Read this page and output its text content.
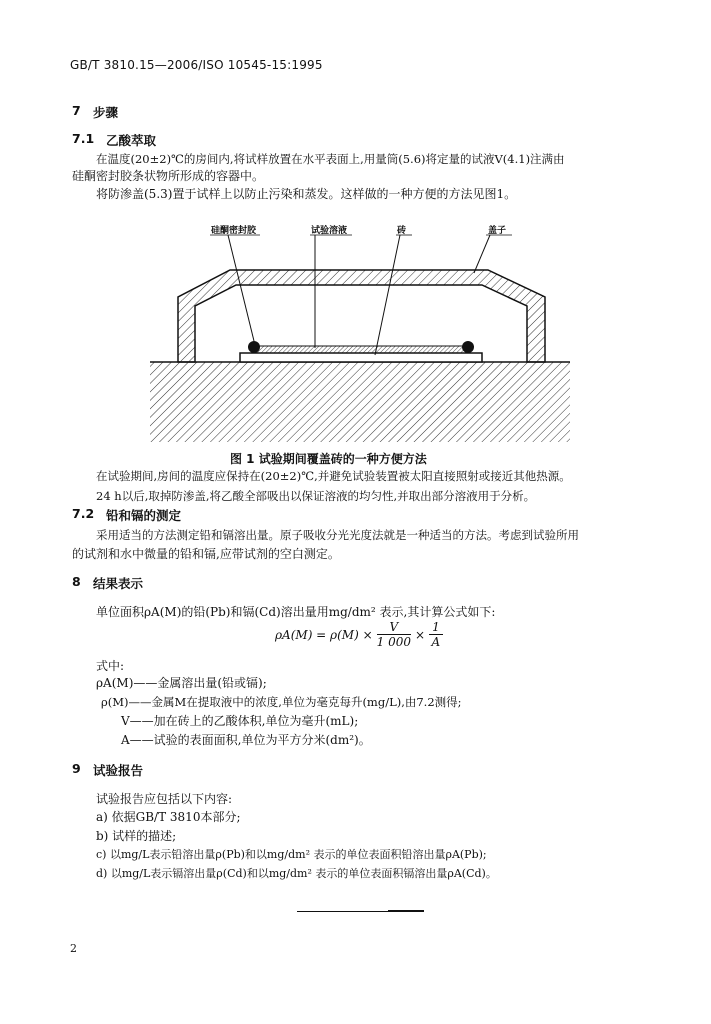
GB/T 3810.15—2006/ISO 10545-15:1995
7 步骤
7.1 乙酸萃取
在温度(20±2)℃的房间内,将试样放置在水平表面上,用量筒(5.6)将定量的试液V(4.1)注满由
硅酮密封胶条状物所形成的容器中。
将防渗盖(5.3)置于试样上以防止污染和蒸发。这样做的一种方便的方法见图1。
硅酮密封胶	试验溶液	砖	盖子
图 1 试验期间覆盖砖的一种方便方法
在试验期间,房间的温度应保持在(20±2)℃,并避免试验装置被太阳直接照射或接近其他热源。
24 h以后,取掉防渗盖,将乙酸全部吸出以保证溶液的均匀性,并取出部分溶液用于分析。
7.2 铅和镉的测定
采用适当的方法测定铅和镉溶出量。原子吸收分光光度法就是一种适当的方法。考虑到试验所用
的试剂和水中微量的铅和镉,应带试剂的空白测定。
8 结果表示
单位面积ρA(M)的铅(Pb)和镉(Cd)溶出量用mg/dm² 表示,其计算公式如下:
$\rho A(M) = \rho(M) \times \frac{V}{1 000} \times \frac{1}{A}$
式中:
ρA(M)——金属溶出量(铅或镉);
ρ(M)——金属M在提取液中的浓度,单位为毫克每升(mg/L),由7.2测得;
V——加在砖上的乙酸体积,单位为毫升(mL);
A——试验的表面面积,单位为平方分米(dm²)。
9 试验报告
试验报告应包括以下内容:
a) 依据GB/T 3810本部分;
b) 试样的描述;
c) 以mg/L表示铅溶出量ρ(Pb)和以mg/dm² 表示的单位表面积铅溶出量ρA(Pb);
d) 以mg/L表示镉溶出量ρ(Cd)和以mg/dm² 表示的单位表面积镉溶出量ρA(Cd)。
2
